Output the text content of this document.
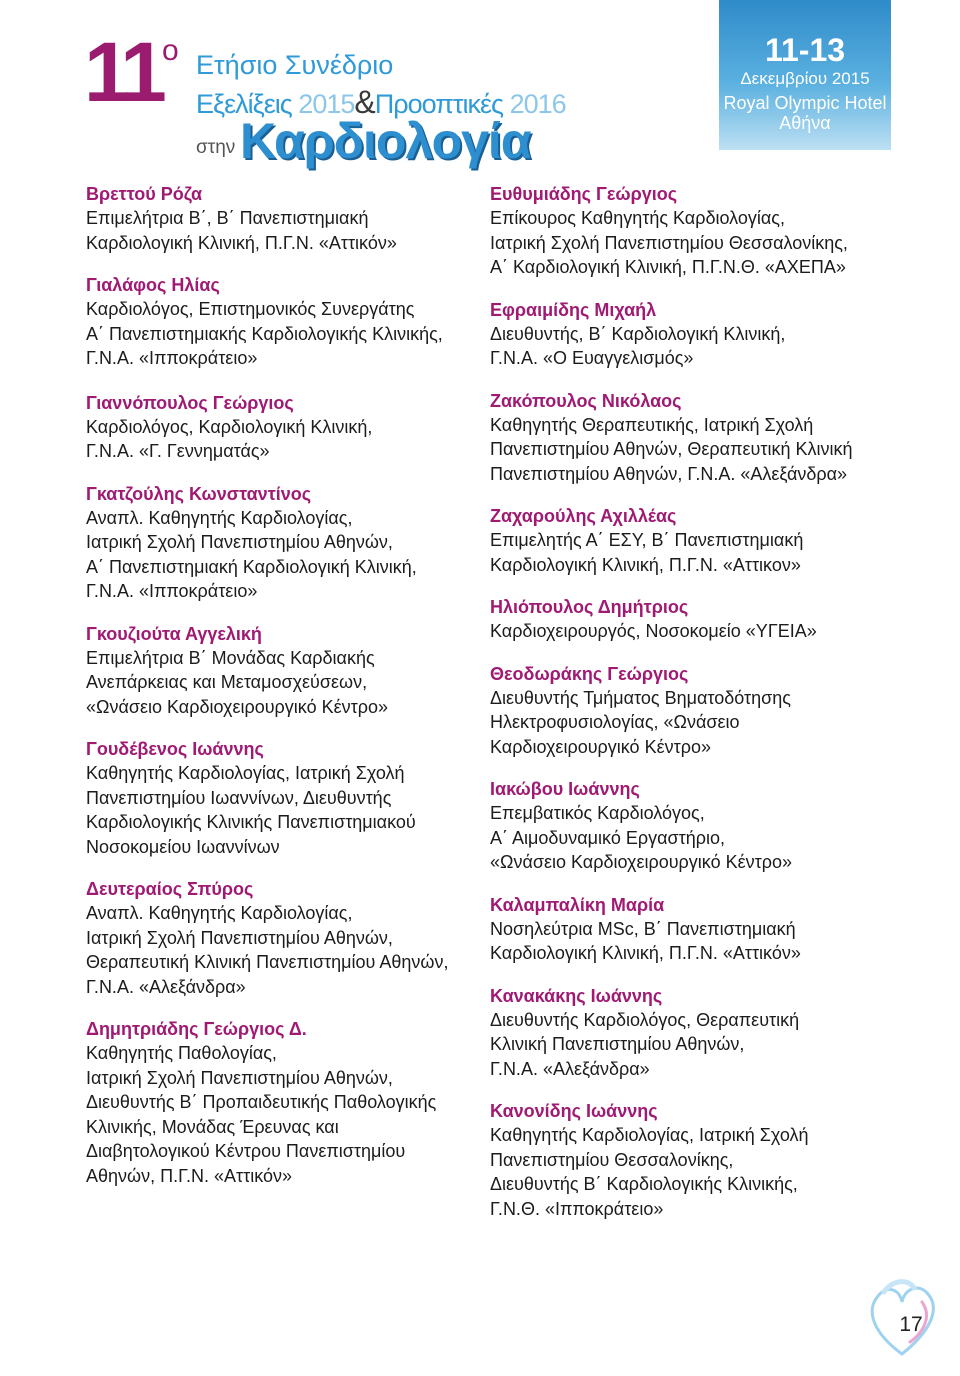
11 ο Ετήσιο Συνέδριο
Εξελίξεις 2015&Προοπτικές 2016
στην Καρδιολογία
11-13
Δεκεμβρίου 2015
Royal Olympic Hotel
Αθήνα
Βρεττού Ρόζα
Επιμελήτρια Β΄, Β΄ Πανεπιστημιακή
Καρδιολογική Κλινική, Π.Γ.Ν. «Αττικόν»
Γιαλάφος Ηλίας
Καρδιολόγος, Επιστημονικός Συνεργάτης
Α΄ Πανεπιστημιακής Καρδιολογικής Κλινικής,
Γ.Ν.Α. «Ιπποκράτειο»
Γιαννόπουλος Γεώργιος
Καρδιολόγος, Καρδιολογική Κλινική,
Γ.Ν.Α. «Γ. Γεννηματάς»
Γκατζούλης Κωνσταντίνος
Αναπλ. Καθηγητής Καρδιολογίας,
Ιατρική Σχολή Πανεπιστημίου Αθηνών,
Α΄ Πανεπιστημιακή Καρδιολογική Κλινική,
Γ.Ν.Α. «Ιπποκράτειο»
Γκουζιούτα Αγγελική
Επιμελήτρια Β΄ Μονάδας Καρδιακής
Ανεπάρκειας και Μεταμοσχεύσεων,
«Ωνάσειο Καρδιοχειρουργικό Κέντρο»
Γουδέβενος Ιωάννης
Καθηγητής Καρδιολογίας, Ιατρική Σχολή
Πανεπιστημίου Ιωαννίνων, Διευθυντής
Καρδιολογικής Κλινικής Πανεπιστημιακού
Νοσοκομείου Ιωαννίνων
Δευτεραίος Σπύρος
Αναπλ. Καθηγητής Καρδιολογίας,
Ιατρική Σχολή Πανεπιστημίου Αθηνών,
Θεραπευτική Κλινική Πανεπιστημίου Αθηνών,
Γ.Ν.Α. «Αλεξάνδρα»
Δημητριάδης Γεώργιος Δ.
Καθηγητής Παθολογίας,
Ιατρική Σχολή Πανεπιστημίου Αθηνών,
Διευθυντής Β΄ Προπαιδευτικής Παθολογικής
Κλινικής, Μονάδας Έρευνας και
Διαβητολογικού Κέντρου Πανεπιστημίου
Αθηνών, Π.Γ.Ν. «Αττικόν»
Ευθυμιάδης Γεώργιος
Επίκουρος Καθηγητής Καρδιολογίας,
Ιατρική Σχολή Πανεπιστημίου Θεσσαλονίκης,
Α΄ Καρδιολογική Κλινική, Π.Γ.Ν.Θ. «ΑΧΕΠΑ»
Εφραιμίδης Μιχαήλ
Διευθυντής, Β΄ Καρδιολογική Κλινική,
Γ.Ν.Α. «Ο Ευαγγελισμός»
Ζακόπουλος Νικόλαος
Καθηγητής Θεραπευτικής, Ιατρική Σχολή
Πανεπιστημίου Αθηνών, Θεραπευτική Κλινική
Πανεπιστημίου Αθηνών, Γ.Ν.Α. «Αλεξάνδρα»
Ζαχαρούλης Αχιλλέας
Επιμελητής Α΄ ΕΣΥ, Β΄ Πανεπιστημιακή
Καρδιολογική Κλινική, Π.Γ.Ν. «Αττικον»
Ηλιόπουλος Δημήτριος
Καρδιοχειρουργός, Νοσοκομείο «ΥΓΕΙΑ»
Θεοδωράκης Γεώργιος
Διευθυντής Τμήματος Βηματοδότησης
Ηλεκτροφυσιολογίας, «Ωνάσειο
Καρδιοχειρουργικό Κέντρο»
Ιακώβου Ιωάννης
Επεμβατικός Καρδιολόγος,
Α΄ Αιμοδυναμικό Εργαστήριο,
«Ωνάσειο Καρδιοχειρουργικό Κέντρο»
Καλαμπαλίκη Μαρία
Νοσηλεύτρια MSc, Β΄ Πανεπιστημιακή
Καρδιολογική Κλινική, Π.Γ.Ν. «Αττικόν»
Κανακάκης Ιωάννης
Διευθυντής Καρδιολόγος, Θεραπευτική
Κλινική Πανεπιστημίου Αθηνών,
Γ.Ν.Α. «Αλεξάνδρα»
Κανονίδης Ιωάννης
Καθηγητής Καρδιολογίας, Ιατρική Σχολή
Πανεπιστημίου Θεσσαλονίκης,
Διευθυντής Β΄ Καρδιολογικής Κλινικής,
Γ.Ν.Θ. «Ιπποκράτειο»
17
